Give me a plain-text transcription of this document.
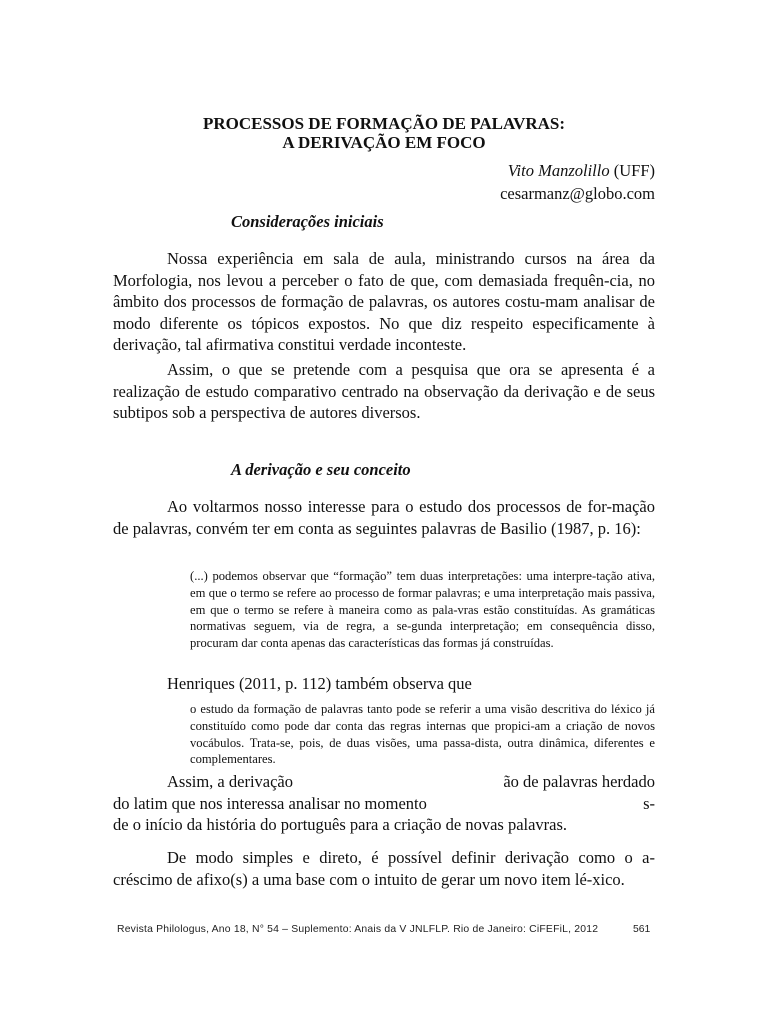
PROCESSOS DE FORMAÇÃO DE PALAVRAS:
A DERIVAÇÃO EM FOCO
Vito Manzolillo (UFF)
cesarmanz@globo.com
Considerações iniciais

Nossa experiência em sala de aula, ministrando cursos na área da Morfologia, nos levou a perceber o fato de que, com demasiada frequên-cia, no âmbito dos processos de formação de palavras, os autores costu-mam analisar de modo diferente os tópicos expostos. No que diz respeito especificamente à derivação, tal afirmativa constitui verdade inconteste.

Assim, o que se pretende com a pesquisa que ora se apresenta é a realização de estudo comparativo centrado na observação da derivação e de seus subtipos sob a perspectiva de autores diversos.

A derivação e seu conceito

Ao voltarmos nosso interesse para o estudo dos processos de for-mação de palavras, convém ter em conta as seguintes palavras de Basilio (1987, p. 16):

(...) podemos observar que “formação” tem duas interpretações: uma interpre-tação ativa, em que o termo se refere ao processo de formar palavras; e uma interpretação mais passiva, em que o termo se refere à maneira como as pala-vras estão constituídas. As gramáticas normativas seguem, via de regra, a se-gunda interpretação; em consequência disso, procuram dar conta apenas das características das formas já construídas.

Henriques (2011, p. 112) também observa que

o estudo da formação de palavras tanto pode se referir a uma visão descritiva do léxico já constituído como pode dar conta das regras internas que propici-am a criação de novos vocábulos. Trata-se, pois, de duas visões, uma passa-dista, outra dinâmica, diferentes e complementares.

Assim, a derivação	ão de palavras herdado
do latim que nos interessa analisar no momento	s-
de o início da história do português para a criação de novas palavras.

De modo simples e direto, é possível definir derivação como o a-créscimo de afixo(s) a uma base com o intuito de gerar um novo item lé-xico.

Revista Philologus, Ano 18, N° 54 – Suplemento: Anais da V JNLFLP. Rio de Janeiro: CiFEFiL, 2012	561
